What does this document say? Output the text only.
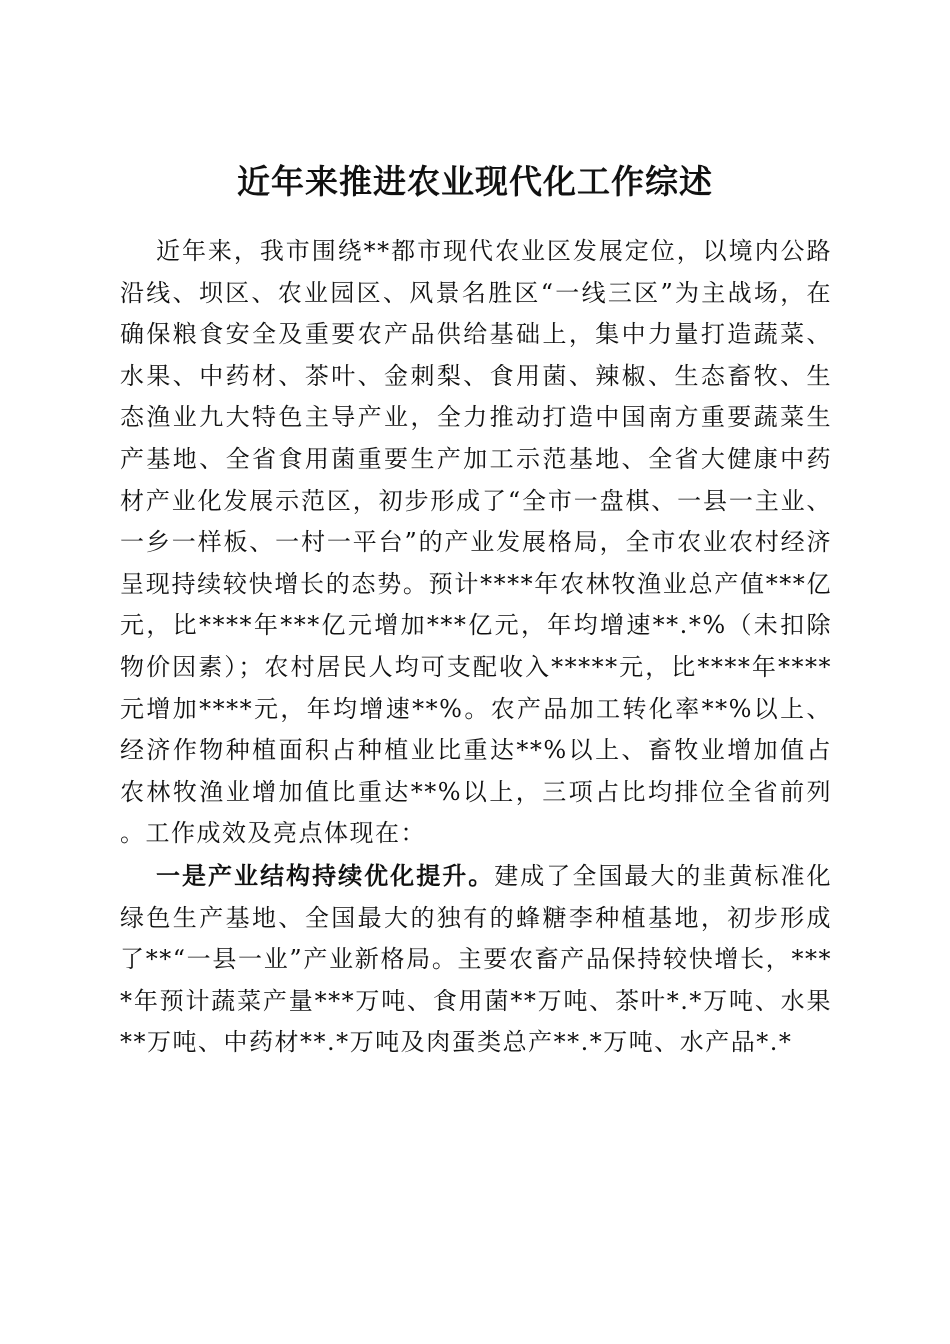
近年来推进农业现代化工作综述

近年来，我市围绕**都市现代农业区发展定位，以境内公路沿线、坝区、农业园区、风景名胜区“一线三区”为主战场，在确保粮食安全及重要农产品供给基础上，集中力量打造蔬菜、水果、中药材、茶叶、金刺梨、食用菌、辣椒、生态畜牧、生态渔业九大特色主导产业，全力推动打造中国南方重要蔬菜生产基地、全省食用菌重要生产加工示范基地、全省大健康中药材产业化发展示范区，初步形成了“全市一盘棋、一县一主业、一乡一样板、一村一平台”的产业发展格局，全市农业农村经济呈现持续较快增长的态势。预计****年农林牧渔业总产值***亿元，比****年***亿元增加***亿元，年均增速**.*%（未扣除物价因素）；农村居民人均可支配收入*****元，比****年****元增加****元，年均增速**%。农产品加工转化率**%以上、经济作物种植面积占种植业比重达**%以上、畜牧业增加值占农林牧渔业增加值比重达**%以上，三项占比均排位全省前列。工作成效及亮点体现在：

一是产业结构持续优化提升。建成了全国最大的韭黄标准化绿色生产基地、全国最大的独有的蜂糖李种植基地，初步形成了**“一县一业”产业新格局。主要农畜产品保持较快增长，****年预计蔬菜产量***万吨、食用菌**万吨、茶叶*.*万吨、水果**万吨、中药材**.*万吨及肉蛋类总产**.*万吨、水产品*.*
